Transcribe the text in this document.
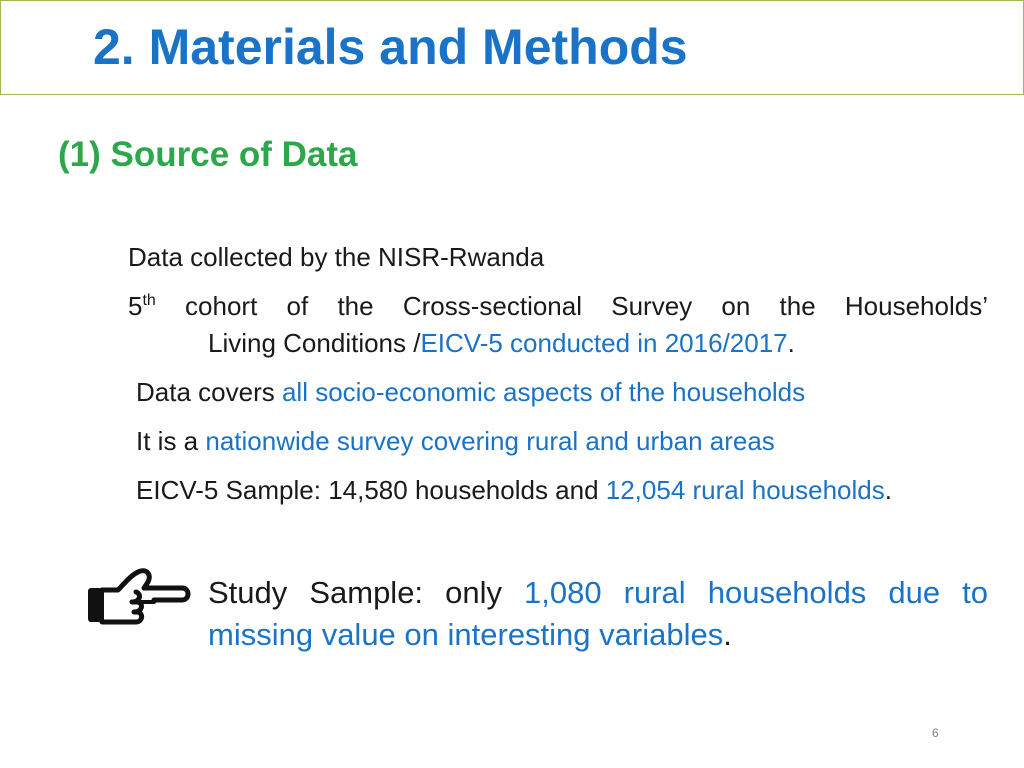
2. Materials and Methods
(1) Source of Data
Data collected by the NISR-Rwanda
5th cohort of the Cross-sectional Survey on the Households’
Living Conditions /EICV-5 conducted in 2016/2017.
Data covers all socio-economic aspects of the households
It is a nationwide survey covering rural and urban areas
EICV-5 Sample: 14,580 households and 12,054 rural households.
Study Sample: only 1,080 rural households due to
missing value on interesting variables.
6
